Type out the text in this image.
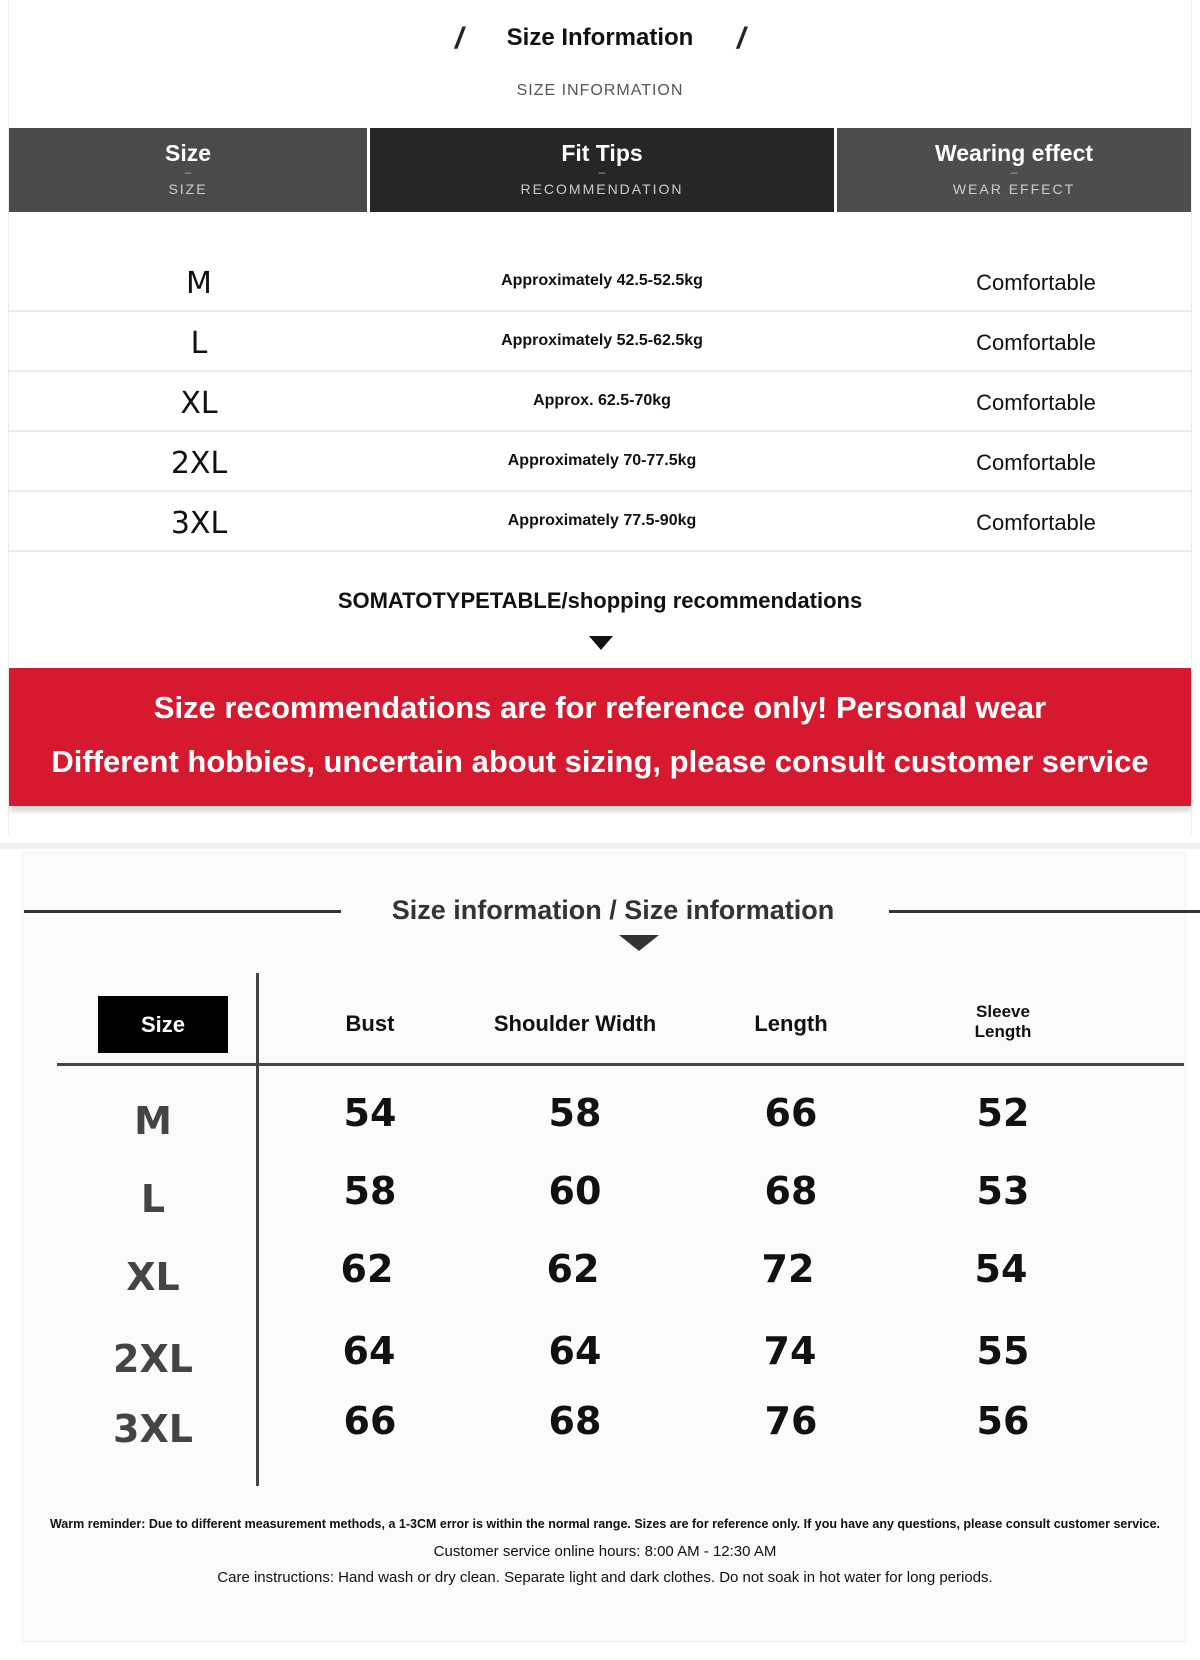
/	/
Size Information
SIZE INFORMATION
Size
–
SIZE
Fit Tips
–
RECOMMENDATION
Wearing effect
–
WEAR EFFECT
M	Approximately 42.5-52.5kg	Comfortable
L	Approximately 52.5-62.5kg	Comfortable
XL	Approx. 62.5-70kg	Comfortable
2XL	Approximately 70-77.5kg	Comfortable
3XL	Approximately 77.5-90kg	Comfortable
SOMATOTYPETABLE/shopping recommendations
Size recommendations are for reference only! Personal wear
Different hobbies, uncertain about sizing, please consult customer service
Size information / Size information
Size	Bust	Shoulder Width	Length	Sleeve
Length
M	54	58	66	52
L	58	60	68	53
XL	62	62	72	54
2XL	64	64	74	55
3XL	66	68	76	56
Warm reminder: Due to different measurement methods, a 1-3CM error is within the normal range. Sizes are for reference only. If you have any questions, please consult customer service.
Customer service online hours: 8:00 AM - 12:30 AM
Care instructions: Hand wash or dry clean. Separate light and dark clothes. Do not soak in hot water for long periods.
